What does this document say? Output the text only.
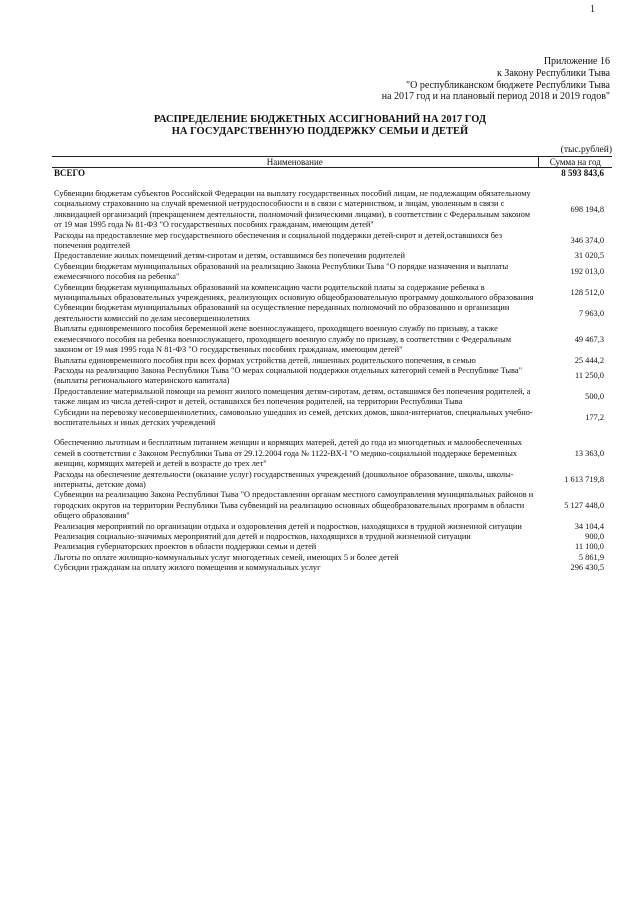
1
Приложение 16
к Закону Республики Тыва
"О республиканском бюджете Республики Тыва
на 2017 год и на плановый период 2018 и 2019 годов"
РАСПРЕДЕЛЕНИЕ БЮДЖЕТНЫХ АССИГНОВАНИЙ НА 2017 ГОД
НА ГОСУДАРСТВЕННУЮ ПОДДЕРЖКУ СЕМЬИ И ДЕТЕЙ
(тыс.рублей)
Наименование	Сумма на год
ВСЕГО	8 593 843,6
Субвенции бюджетам субъектов Российской Федерации на выплату государственных пособий лицам, не подлежащим обязательному социальному страхованию на случай временной нетрудоспособности и в связи с материнством, и лицам, уволенным в связи с ликвидацией организаций (прекращением деятельности, полномочий физическими лицами), в соответствии с Федеральным законом от 19 мая 1995 года № 81-ФЗ "О государственных пособиях гражданам, имеющим детей"	698 194,8
Расходы на предоставление мер государственного обеспечения и социальной поддержки детей-сирот и детей,оставшихся без попечения родителей	346 374,0
Предоставление жилых помещений детям-сиротам и детям, оставшимся без попечения родителей	31 020,5
Субвенции бюджетам муниципальных образований на реализацию Закона Республики Тыва "О порядке назначения и выплаты ежемесячного пособия на ребенка"	192 013,0
Субвенции бюджетам муниципальных образований на компенсацию части родительской платы за содержание ребенка в муниципальных образовательных учреждениях, реализующих основную общеобразовательную программу дошкольного образования	128 512,0
Субвенции бюджетам муниципальных образований на осуществление переданных полномочий по образованию и организации деятельности комиссий по делам несовершеннолетних	7 963,0
Выплаты единовременного пособия беременной жене военнослужащего, проходящего военную службу по призыву, а также ежемесячного пособия на ребенка военнослужащего, проходящего военную службу по призыву, в соответствии с Федеральным законом от 19 мая 1995 года N 81-ФЗ "О государственных пособиях гражданам, имеющим детей"	49 467,3
Выплаты единовременного пособия при всех формах устройства детей, лишенных родительского попечения, в семью	25 444,2
Расходы на реализацию Закона Республики Тыва "О мерах социальной поддержки отдельных категорий семей в Республике Тыва" (выплаты регионального материнского капитала)	11 250,0
Предоставление материальной помощи на ремонт жилого помещения детям-сиротам, детям, оставшимся без попечения родителей, а также лицам из числа детей-сирот и детей, оставшихся без попечения родителей, на территории Республики Тыва	500,0
Субсидии на перевозку несовершеннолетних, самовольно ушедших из семей, детских домов, школ-интернатов, специальных учебно-воспитательных и иных детских учреждений	177,2
Обеспечению льготным и бесплатным питанием женщин и кормящих матерей, детей до года из многодетных и малообеспеченных семей в соответствии с Законом Республики Тыва от 29.12.2004 года № 1122-ВХ-I "О медико-социальной поддержке беременных женщин, кормящих матерей и детей в возрасте до трех лет"	13 363,0
Расходы на обеспечение деятельности (оказание услуг) государственных учреждений (дошкольное образование, школы, школы-интернаты, детские дома)	1 613 719,8
Субвенции на реализацию Закона Республики Тыва "О предоставлении органам местного самоуправления муниципальных районов и городских округов на территории Республики Тыва субвенций на реализацию основных общеобразовательных программ в области общего образования"	5 127 448,0
Реализация мероприятий по организации отдыха и оздоровления детей и подростков, находящихся в трудной жизненной ситуации	34 104,4
Реализация социально-значимых мероприятий для детей и подростков, находящихся в трудной жизненной ситуации	900,0
Реализация губернаторских проектов в области поддержки семьи и детей	11 100,0
Льготы по оплате жилищно-коммунальных услуг многодетных семей, имеющих 5 и более детей	5 861,9
Субсидии гражданам на оплату жилого помещения и коммунальных услуг	296 430,5
